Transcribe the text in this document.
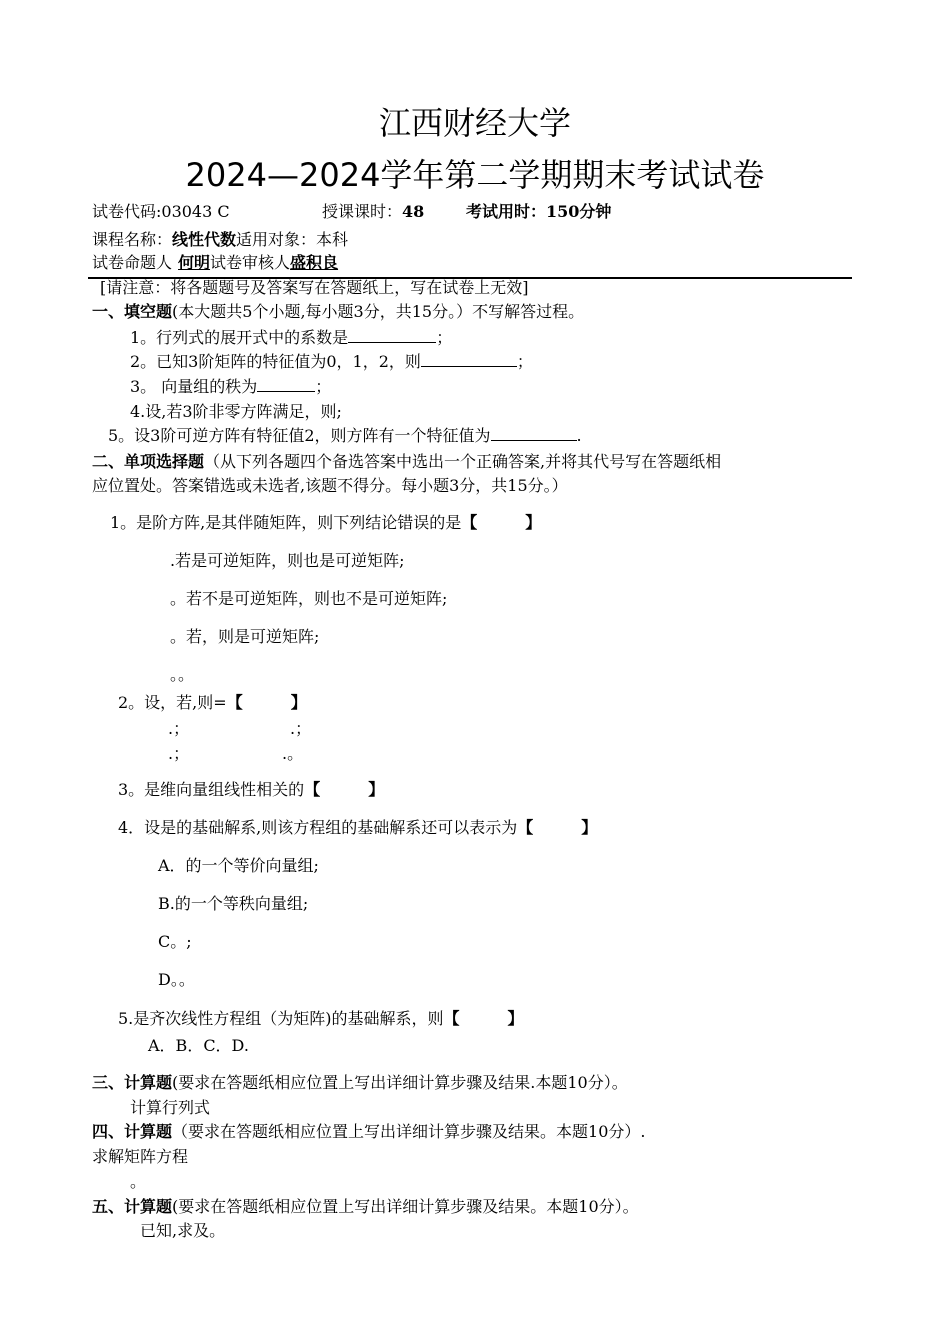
江西财经大学
2024—2024学年第二学期期末考试试卷
试卷代码:03043 C	授课课时：48	考试用时：150分钟
课程名称：线性代数适用对象：本科
试卷命题人 何明试卷审核人盛积良
[请注意：将各题题号及答案写在答题纸上，写在试卷上无效]
一、填空题(本大题共5个小题,每小题3分，共15分。）不写解答过程。
1。行列式的展开式中的系数是	；
2。已知3阶矩阵的特征值为0，1，2，则	；
3。 向量组的秩为	；
4.设,若3阶非零方阵满足，则;
5。设3阶可逆方阵有特征值2，则方阵有一个特征值为	.
二、单项选择题（从下列各题四个备选答案中选出一个正确答案,并将其代号写在答题纸相
应位置处。答案错选或未选者,该题不得分。每小题3分，共15分。）
1。是阶方阵,是其伴随矩阵，则下列结论错误的是【　　　】
.若是可逆矩阵，则也是可逆矩阵;
。若不是可逆矩阵，则也不是可逆矩阵;
。若，则是可逆矩阵;
。。
2。设，若,则=【　　　】
.；	.；
.；	.。
3。是维向量组线性相关的【　　　】
4．设是的基础解系,则该方程组的基础解系还可以表示为【　　　】
A．的一个等价向量组;
B.的一个等秩向量组;
C。;
D。。
5.是齐次线性方程组（为矩阵)的基础解系，则【　　　】
A．B．C．D.
三、计算题(要求在答题纸相应位置上写出详细计算步骤及结果.本题10分）。
计算行列式
四、计算题（要求在答题纸相应位置上写出详细计算步骤及结果。本题10分）.
求解矩阵方程
。
五、计算题(要求在答题纸相应位置上写出详细计算步骤及结果。本题10分）。
已知,求及。
